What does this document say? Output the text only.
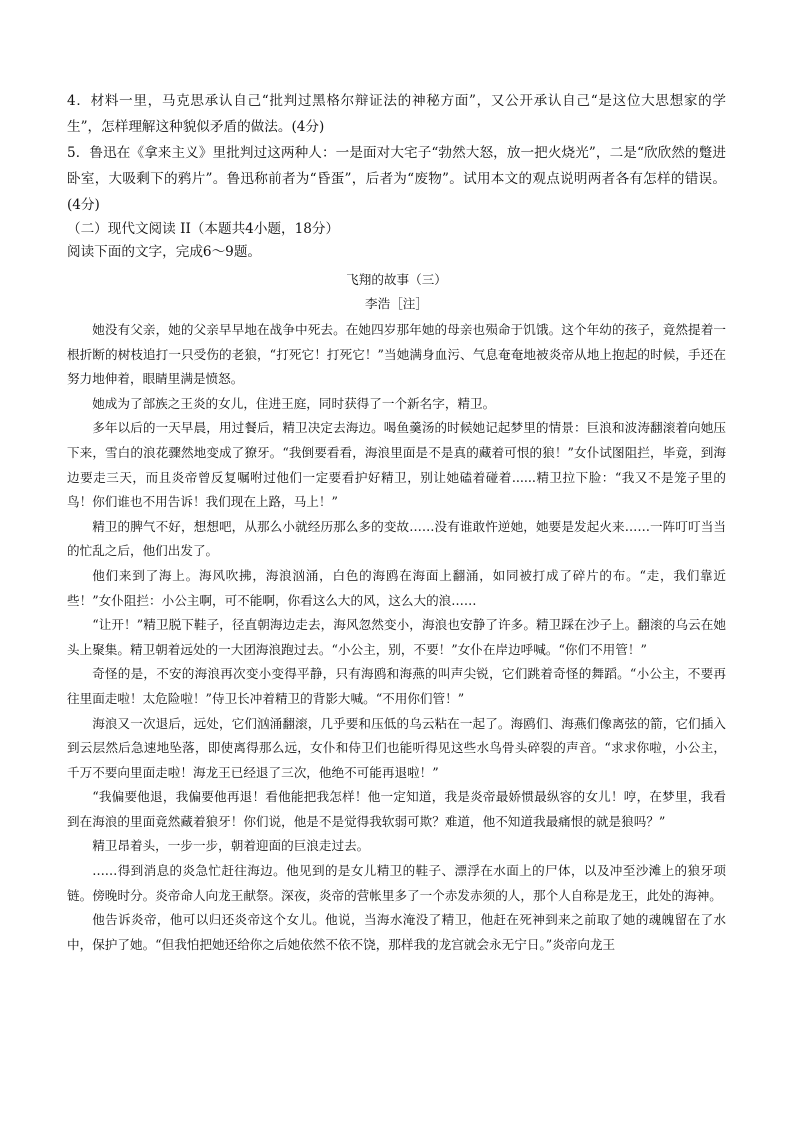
4．材料一里，马克思承认自己“批判过黑格尔辩证法的神秘方面”，又公开承认自己“是这位大思想家的学生”，怎样理解这种貌似矛盾的做法。(4分)

5．鲁迅在《拿来主义》里批判过这两种人：一是面对大宅子“勃然大怒，放一把火烧光”，二是“欣欣然的蹩进卧室，大吸剩下的鸦片”。鲁迅称前者为“昏蛋”，后者为“废物”。试用本文的观点说明两者各有怎样的错误。(4分)

（二）现代文阅读 II（本题共4小题，18分）

阅读下面的文字，完成6～9题。

飞翔的故事（三）

李浩［注］

她没有父亲，她的父亲早早地在战争中死去。在她四岁那年她的母亲也殒命于饥饿。这个年幼的孩子，竟然提着一根折断的树枝追打一只受伤的老狼，“打死它！打死它！”当她满身血污、气息奄奄地被炎帝从地上抱起的时候，手还在努力地伸着，眼睛里满是愤怒。

她成为了部族之王炎的女儿，住进王庭，同时获得了一个新名字，精卫。

多年以后的一天早晨，用过餐后，精卫决定去海边。喝鱼羹汤的时候她记起梦里的情景：巨浪和波涛翻滚着向她压下来，雪白的浪花骤然地变成了獠牙。“我倒要看看，海浪里面是不是真的藏着可恨的狼！”女仆试图阻拦，毕竟，到海边要走三天，而且炎帝曾反复嘱咐过他们一定要看护好精卫，别让她磕着碰着......精卫拉下脸：“我又不是笼子里的鸟！你们谁也不用告诉！我们现在上路，马上！”

精卫的脾气不好，想想吧，从那么小就经历那么多的变故……没有谁敢忤逆她，她要是发起火来……一阵叮叮当当的忙乱之后，他们出发了。

他们来到了海上。海风吹拂，海浪汹涌，白色的海鸥在海面上翻涌，如同被打成了碎片的布。“走，我们靠近些！”女仆阻拦：小公主啊，可不能啊，你看这么大的风，这么大的浪……

“让开！”精卫脱下鞋子，径直朝海边走去，海风忽然变小，海浪也安静了许多。精卫踩在沙子上。翻滚的乌云在她头上聚集。精卫朝着远处的一大团海浪跑过去。“小公主，别，不要！”女仆在岸边呼喊。“你们不用管！”

奇怪的是，不安的海浪再次变小变得平静，只有海鸥和海燕的叫声尖锐，它们跳着奇怪的舞蹈。“小公主，不要再往里面走啦！太危险啦！”侍卫长冲着精卫的背影大喊。“不用你们管！”

海浪又一次退后，远处，它们汹涌翻滚，几乎要和压低的乌云粘在一起了。海鸥们、海燕们像离弦的箭，它们插入到云层然后急速地坠落，即使离得那么远，女仆和侍卫们也能听得见这些水鸟骨头碎裂的声音。“求求你啦，小公主，千万不要向里面走啦！海龙王已经退了三次，他绝不可能再退啦！”

“我偏要他退，我偏要他再退！看他能把我怎样！他一定知道，我是炎帝最娇惯最纵容的女儿！哼，在梦里，我看到在海浪的里面竟然藏着狼牙！你们说，他是不是觉得我软弱可欺？难道，他不知道我最痛恨的就是狼吗？”

精卫昂着头，一步一步，朝着迎面的巨浪走过去。

……得到消息的炎急忙赶往海边。他见到的是女儿精卫的鞋子、漂浮在水面上的尸体，以及冲至沙滩上的狼牙项链。傍晚时分。炎帝命人向龙王献祭。深夜，炎帝的营帐里多了一个赤发赤须的人，那个人自称是龙王，此处的海神。

他告诉炎帝，他可以归还炎帝这个女儿。他说，当海水淹没了精卫，他赶在死神到来之前取了她的魂魄留在了水中，保护了她。“但我怕把她还给你之后她依然不依不饶，那样我的龙宫就会永无宁日。”炎帝向龙王
